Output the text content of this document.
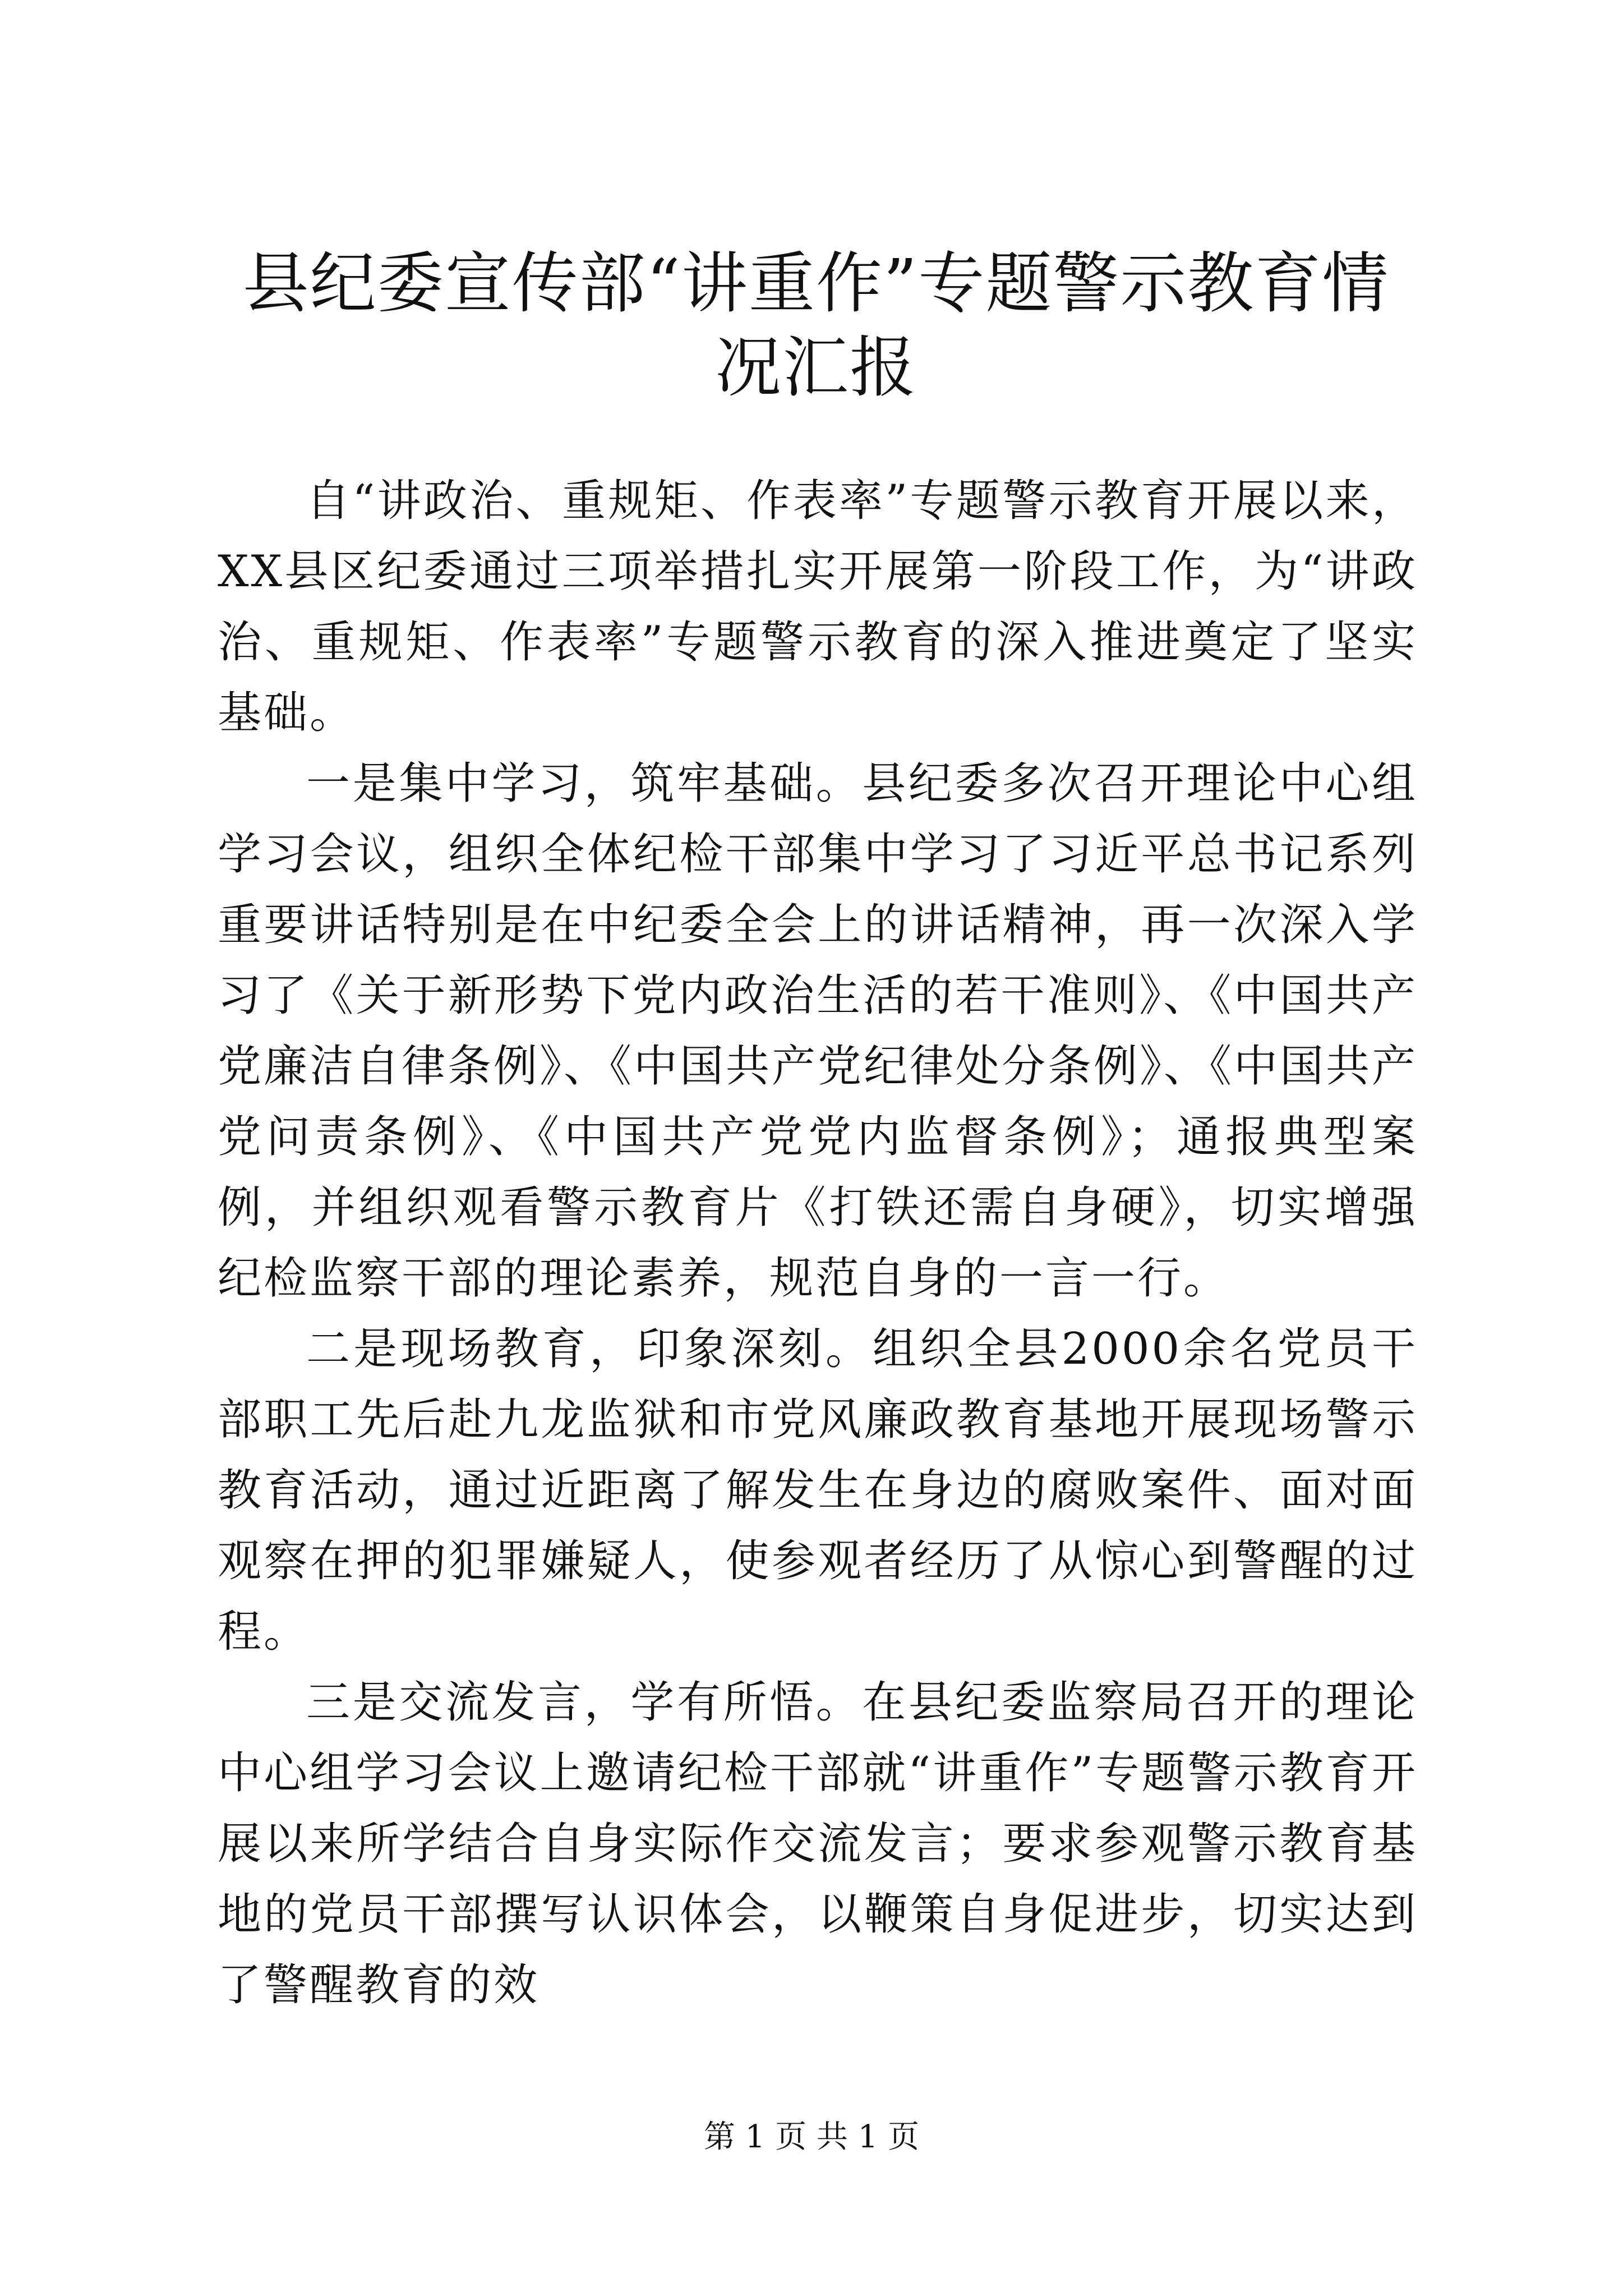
县纪委宣传部“讲重作”专题警示教育情况汇报

自“讲政治、重规矩、作表率”专题警示教育开展以来，XX县区纪委通过三项举措扎实开展第一阶段工作，为“讲政治、重规矩、作表率”专题警示教育的深入推进奠定了坚实基础。

一是集中学习，筑牢基础。县纪委多次召开理论中心组学习会议，组织全体纪检干部集中学习了习近平总书记系列重要讲话特别是在中纪委全会上的讲话精神，再一次深入学习了《关于新形势下党内政治生活的若干准则》、《中国共产党廉洁自律条例》、《中国共产党纪律处分条例》、《中国共产党问责条例》、《中国共产党党内监督条例》；通报典型案例，并组织观看警示教育片《打铁还需自身硬》，切实增强纪检监察干部的理论素养，规范自身的一言一行。

二是现场教育，印象深刻。组织全县2000余名党员干部职工先后赴九龙监狱和市党风廉政教育基地开展现场警示教育活动，通过近距离了解发生在身边的腐败案件、面对面观察在押的犯罪嫌疑人，使参观者经历了从惊心到警醒的过程。

三是交流发言，学有所悟。在县纪委监察局召开的理论中心组学习会议上邀请纪检干部就“讲重作”专题警示教育开展以来所学结合自身实际作交流发言；要求参观警示教育基地的党员干部撰写认识体会，以鞭策自身促进步，切实达到了警醒教育的效

第 1 页 共 1 页
